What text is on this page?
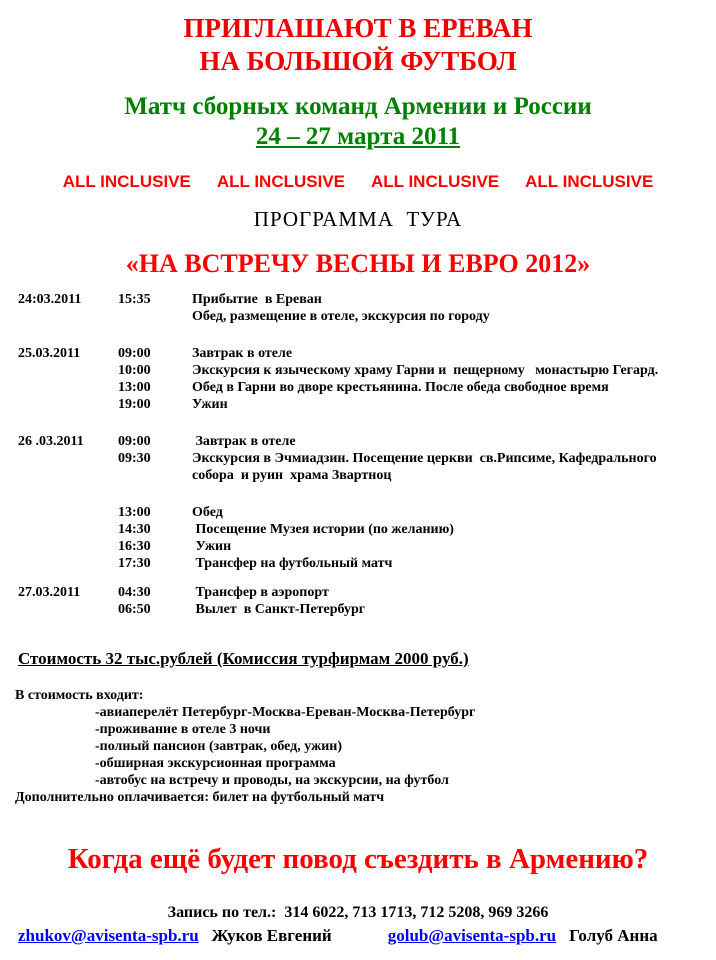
ПРИГЛАШАЮТ В ЕРЕВАН
НА БОЛЬШОЙ ФУТБОЛ
Матч сборных команд Армении и России
24 – 27 марта 2011
ALL INCLUSIVE ALL INCLUSIVE ALL INCLUSIVE ALL INCLUSIVE
ПРОГРАММА  ТУРА
«НА ВСТРЕЧУ ВЕСНЫ И ЕВРО 2012»
24:03.2011	15:35	Прибытие  в Ереван
Обед, размещение в отеле, экскурсия по городу
25.03.2011	09:00	Завтрак в отеле
10:00	Экскурсия к языческому храму Гарни и  пещерному   монастырю Гегард.
13:00	Обед в Гарни во дворе крестьянина. После обеда свободное время
19:00	Ужин
26 .03.2011	09:00	Завтрак в отеле
09:30	Экскурсия в Эчмиадзин. Посещение церкви  св.Рипсиме, Кафедрального
собора  и руин  храма Звартноц
13:00	Обед
14:30	Посещение Музея истории (по желанию)
16:30	Ужин
17:30	Трансфер на футбольный матч
27.03.2011	04:30	Трансфер в аэропорт
06:50	Вылет  в Санкт-Петербург
Стоимость 32 тыс.рублей (Комиссия турфирмам 2000 руб.)
В стоимость входит:
-авиаперелёт Петербург-Москва-Ереван-Москва-Петербург
-проживание в отеле 3 ночи
-полный пансион (завтрак, обед, ужин)
-обширная экскурсионная программа
-автобус на встречу и проводы, на экскурсии, на футбол
Дополнительно оплачивается: билет на футбольный матч
Когда ещё будет повод съездить в Армению?
Запись по тел.:  314 6022, 713 1713, 712 5208, 969 3266
zhukov@avisenta-spb.ru Жуков Евгений	golub@avisenta-spb.ru Голуб Анна
